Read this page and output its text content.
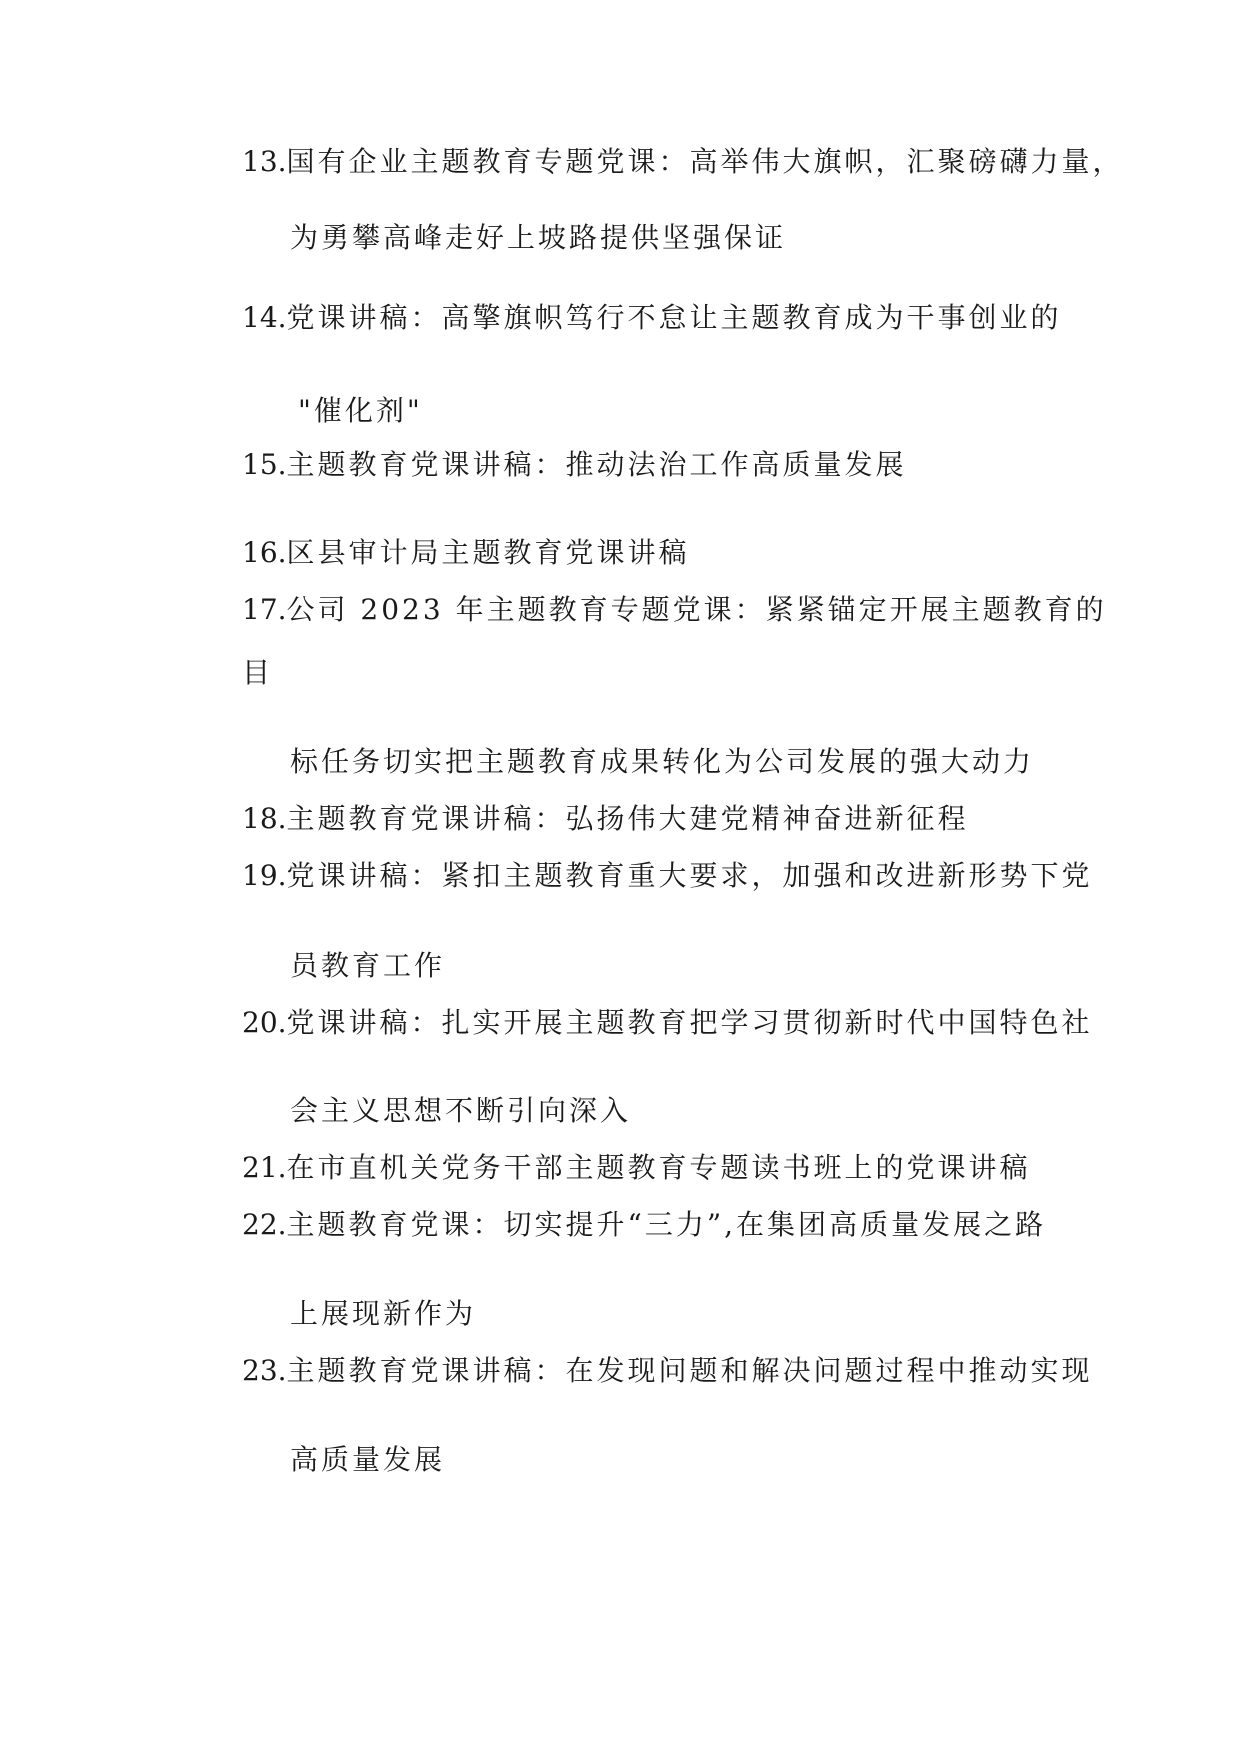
13.国有企业主题教育专题党课：高举伟大旗帜，汇聚磅礴力量，
为勇攀高峰走好上坡路提供坚强保证
14.党课讲稿：高擎旗帜笃行不怠让主题教育成为干事创业的
"催化剂"
15.主题教育党课讲稿：推动法治工作高质量发展
16.区县审计局主题教育党课讲稿
17.公司 2023 年主题教育专题党课：紧紧锚定开展主题教育的
目
标任务切实把主题教育成果转化为公司发展的强大动力
18.主题教育党课讲稿：弘扬伟大建党精神奋进新征程
19.党课讲稿：紧扣主题教育重大要求，加强和改进新形势下党
员教育工作
20.党课讲稿：扎实开展主题教育把学习贯彻新时代中国特色社
会主义思想不断引向深入
21.在市直机关党务干部主题教育专题读书班上的党课讲稿
22.主题教育党课：切实提升“三力”,在集团高质量发展之路
上展现新作为
23.主题教育党课讲稿：在发现问题和解决问题过程中推动实现
高质量发展
